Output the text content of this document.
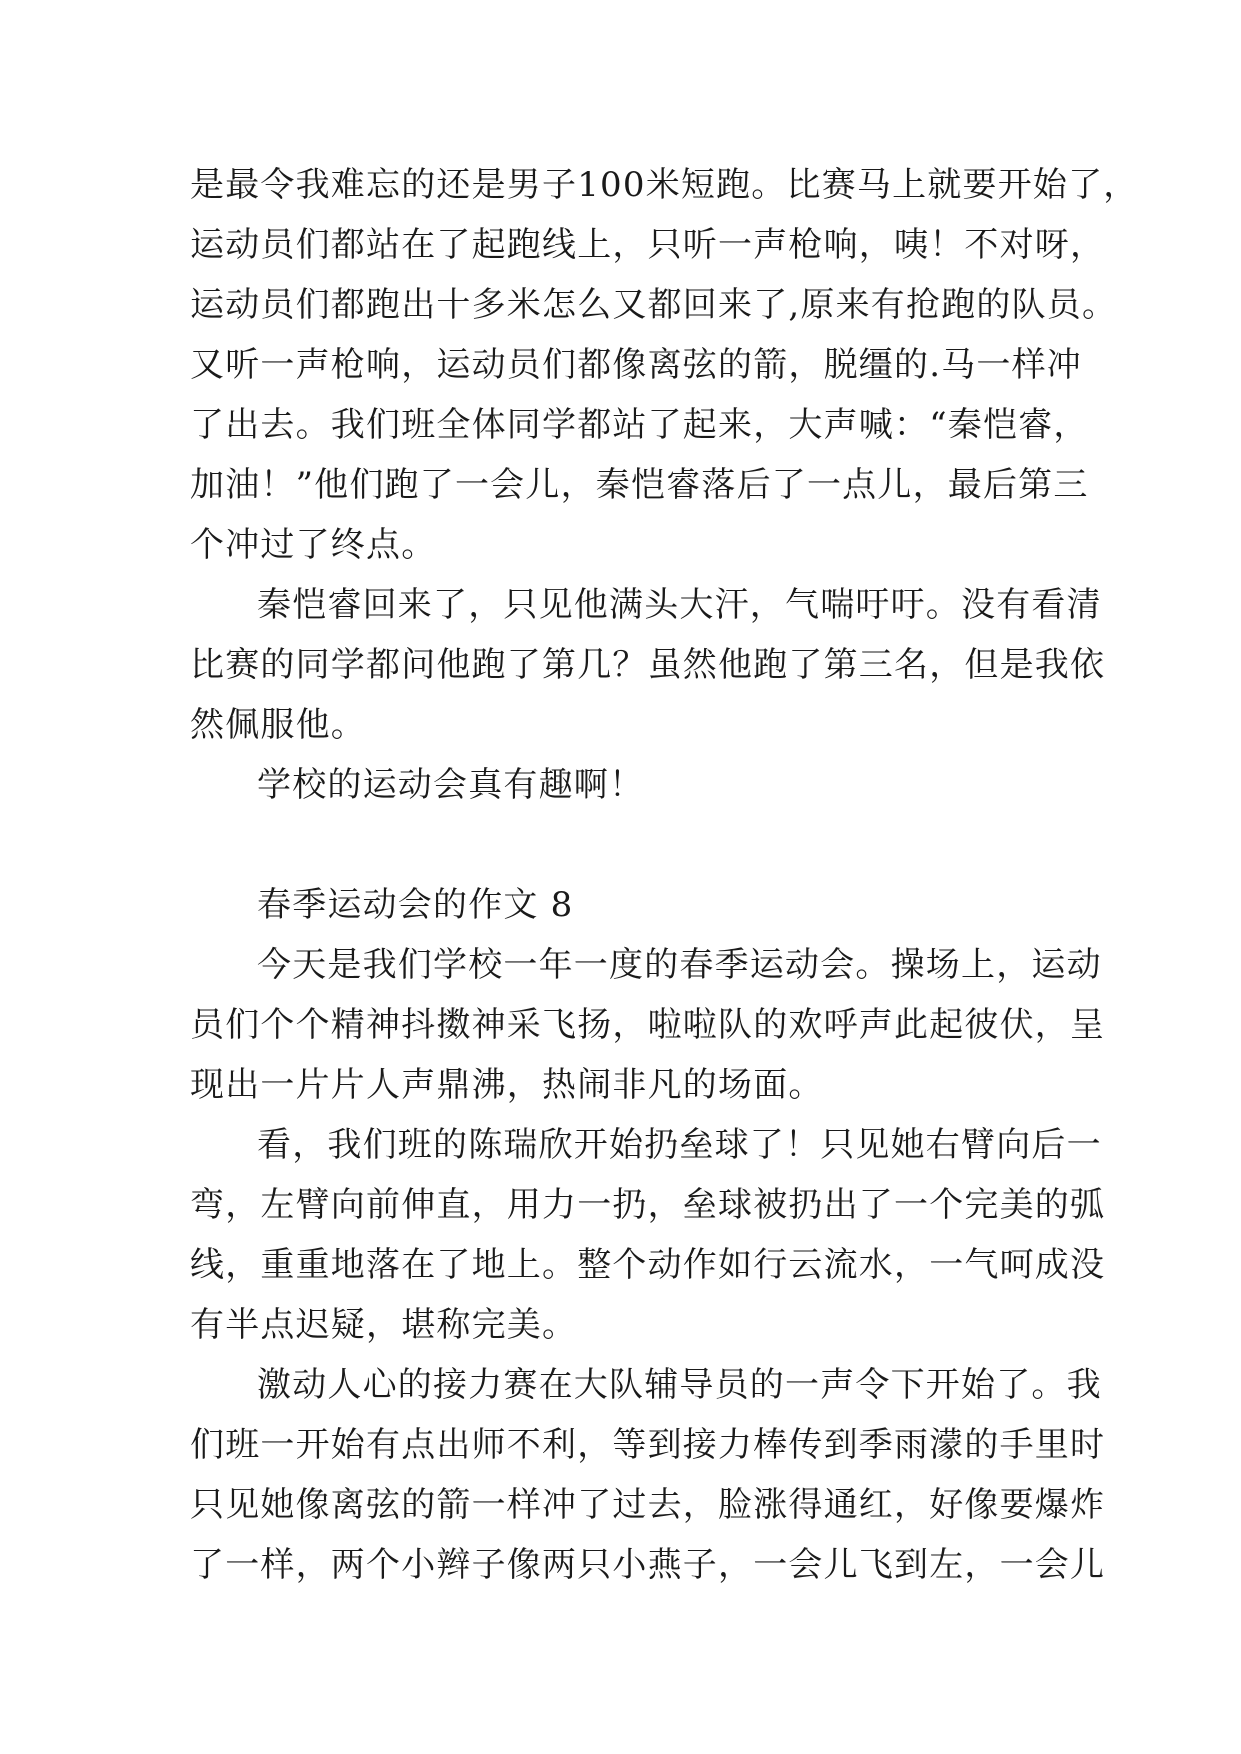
是最令我难忘的还是男子100米短跑。比赛马上就要开始了，
运动员们都站在了起跑线上，只听一声枪响，咦！不对呀，
运动员们都跑出十多米怎么又都回来了,原来有抢跑的队员。
又听一声枪响，运动员们都像离弦的箭，脱缰的.马一样冲
了出去。我们班全体同学都站了起来，大声喊：“秦恺睿，
加油！”他们跑了一会儿，秦恺睿落后了一点儿，最后第三
个冲过了终点。
秦恺睿回来了，只见他满头大汗，气喘吁吁。没有看清
比赛的同学都问他跑了第几？虽然他跑了第三名，但是我依
然佩服他。
学校的运动会真有趣啊！
春季运动会的作文 8
今天是我们学校一年一度的春季运动会。操场上，运动
员们个个精神抖擞神采飞扬，啦啦队的欢呼声此起彼伏，呈
现出一片片人声鼎沸，热闹非凡的场面。
看，我们班的陈瑞欣开始扔垒球了！只见她右臂向后一
弯，左臂向前伸直，用力一扔，垒球被扔出了一个完美的弧
线，重重地落在了地上。整个动作如行云流水，一气呵成没
有半点迟疑，堪称完美。
激动人心的接力赛在大队辅导员的一声令下开始了。我
们班一开始有点出师不利，等到接力棒传到季雨濛的手里时
只见她像离弦的箭一样冲了过去，脸涨得通红，好像要爆炸
了一样，两个小辫子像两只小燕子，一会儿飞到左，一会儿
